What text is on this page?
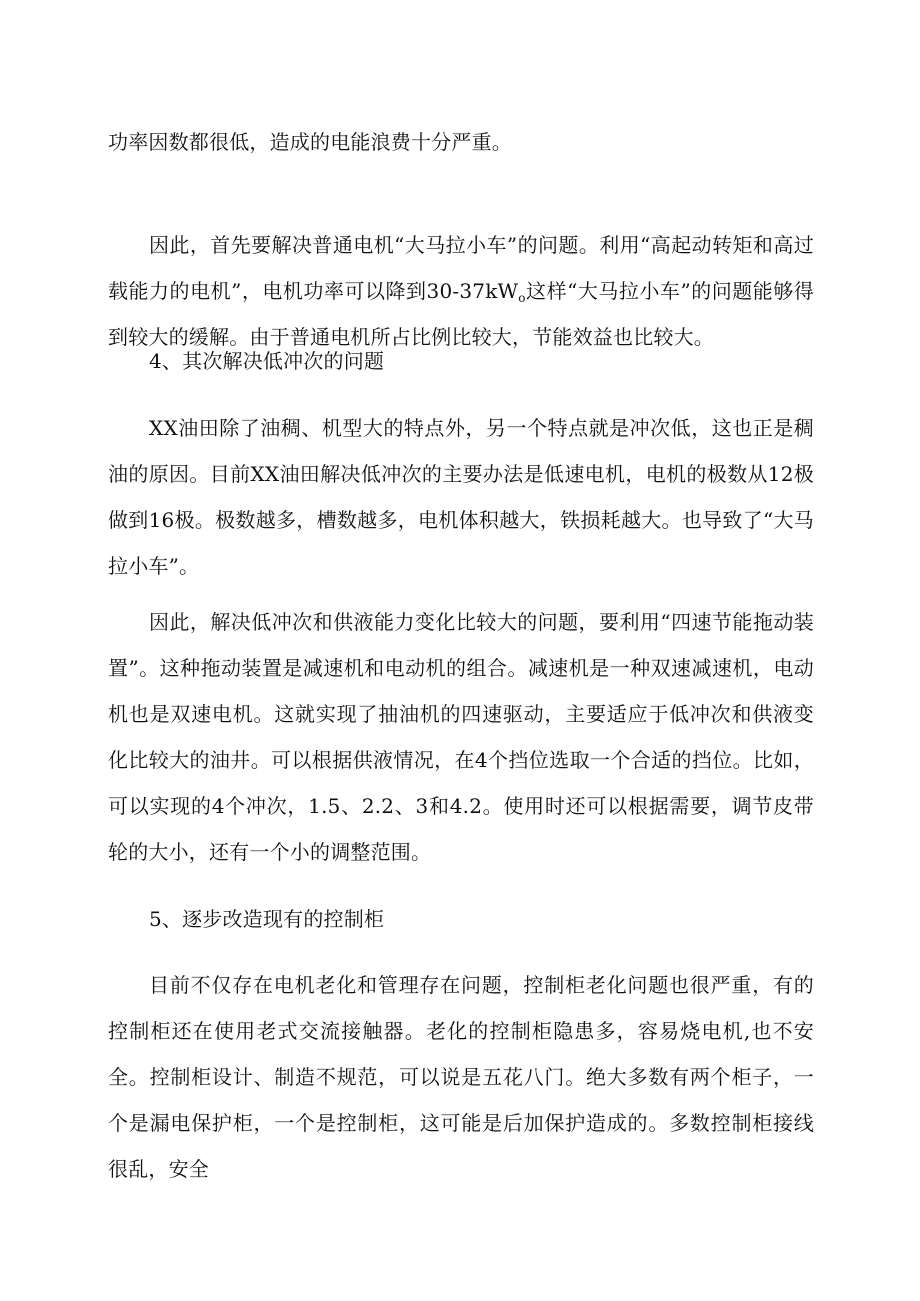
功率因数都很低，造成的电能浪费十分严重。

因此，首先要解决普通电机“大马拉小车”的问题。利用“高起动转矩和高过载能力的电机”，电机功率可以降到$30-37kW_o$这样“大马拉小车”的问题能够得到较大的缓解。由于普通电机所占比例比较大，节能效益也比较大。

4、其次解决低冲次的问题

XX油田除了油稠、机型大的特点外，另一个特点就是冲次低，这也正是稠油的原因。目前XX油田解决低冲次的主要办法是低速电机，电机的极数从12极做到16极。极数越多，槽数越多，电机体积越大，铁损耗越大。也导致了“大马拉小车”。

因此，解决低冲次和供液能力变化比较大的问题，要利用“四速节能拖动装置”。这种拖动装置是减速机和电动机的组合。减速机是一种双速减速机，电动机也是双速电机。这就实现了抽油机的四速驱动，主要适应于低冲次和供液变化比较大的油井。可以根据供液情况，在4个挡位选取一个合适的挡位。比如，可以实现的4个冲次，1.5、2.2、3和4.2。使用时还可以根据需要，调节皮带轮的大小，还有一个小的调整范围。

5、逐步改造现有的控制柜

目前不仅存在电机老化和管理存在问题，控制柜老化问题也很严重，有的控制柜还在使用老式交流接触器。老化的控制柜隐患多，容易烧电机,也不安全。控制柜设计、制造不规范，可以说是五花八门。绝大多数有两个柜子，一个是漏电保护柜，一个是控制柜，这可能是后加保护造成的。多数控制柜接线很乱，安全
